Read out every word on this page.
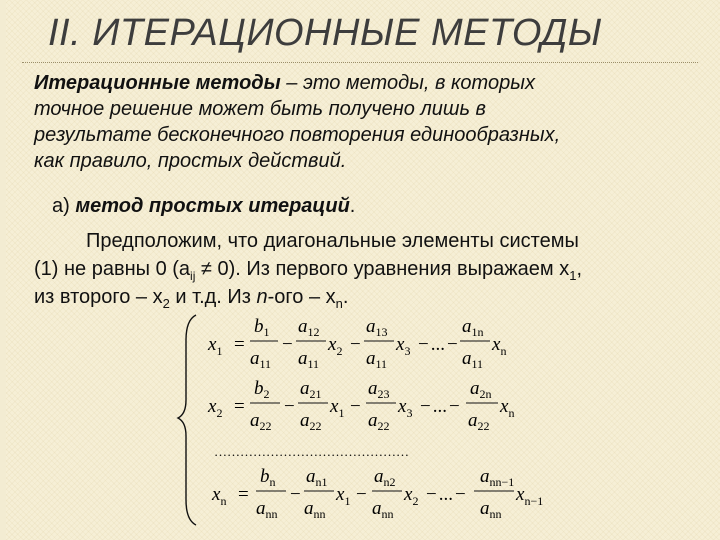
II. ИТЕРАЦИОННЫЕ МЕТОДЫ
Итерационные методы – это методы, в которых
точное решение может быть получено лишь в
результате бесконечного повторения единообразных,
как правило, простых действий.
а) метод простых итераций.
Предположим, что диагональные элементы системы
(1) не равны 0 $(a_{ij} \ne 0)$. Из первого уравнения выражаем $x_1$,
из второго – $x_2$ и т.д. Из $n-ого - x_n$.
$x_1$ =
$b_1$
$a_{11}$
−
$a_{12}$
$a_{11}$
$x_2$ −
$a_{13}$
$a_{11}$
$x_3$ − ... −
$a_{1n}$
$a_{11}$
$x_n$
$x_2$ =
$b_2$
$a_{22}$
−
$a_{21}$
$a_{22}$
$x_1$ −
$a_{23}$
$a_{22}$
$x_3$ − ... −
$a_{2n}$
$a_{22}$
$x_n$
………………………………………
$x_n$ =
$b_n$
$a_{nn}$
−
$a_{n1}$
$a_{nn}$
$x_1$ −
$a_{n2}$
$a_{nn}$
$x_2$ − ... −
$a_{nn-1}$
$a_{nn}$
$x_{n-1}$
